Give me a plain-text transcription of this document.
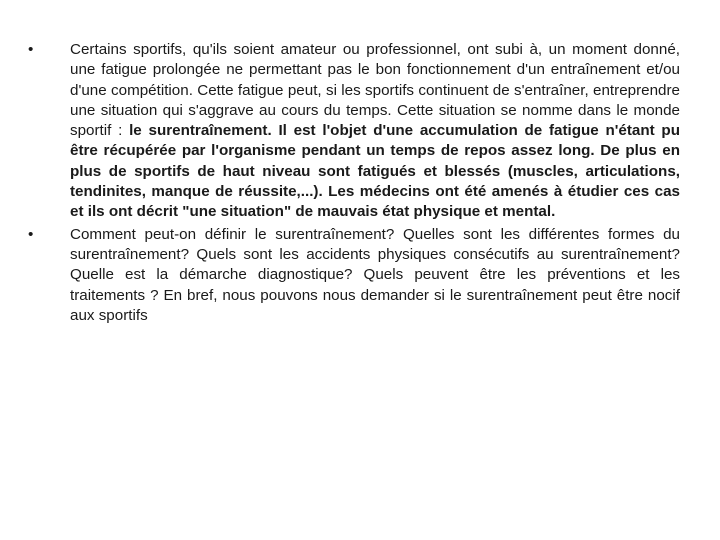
•	Certains sportifs, qu'ils soient amateur ou professionnel, ont subi à, un moment donné, une fatigue prolongée ne permettant pas le bon fonctionnement d'un entraînement et/ou d'une compétition. Cette fatigue peut, si les sportifs continuent de s'entraîner, entreprendre une situation qui s'aggrave au cours du temps. Cette situation se nomme dans le monde sportif : le surentraînement. Il est l'objet d'une accumulation de fatigue n'étant pu être récupérée par l'organisme pendant un temps de repos assez long. De plus en plus de sportifs de haut niveau sont fatigués et blessés (muscles, articulations, tendinites, manque de réussite,...). Les médecins ont été amenés à étudier ces cas et ils ont décrit "une situation" de mauvais état physique et mental.

•	Comment peut-on définir le surentraînement? Quelles sont les différentes formes du surentraînement? Quels sont les accidents physiques consécutifs au surentraînement? Quelle est la démarche diagnostique? Quels peuvent être les préventions et les traitements ? En bref, nous pouvons nous demander si le surentraînement peut être nocif aux sportifs
